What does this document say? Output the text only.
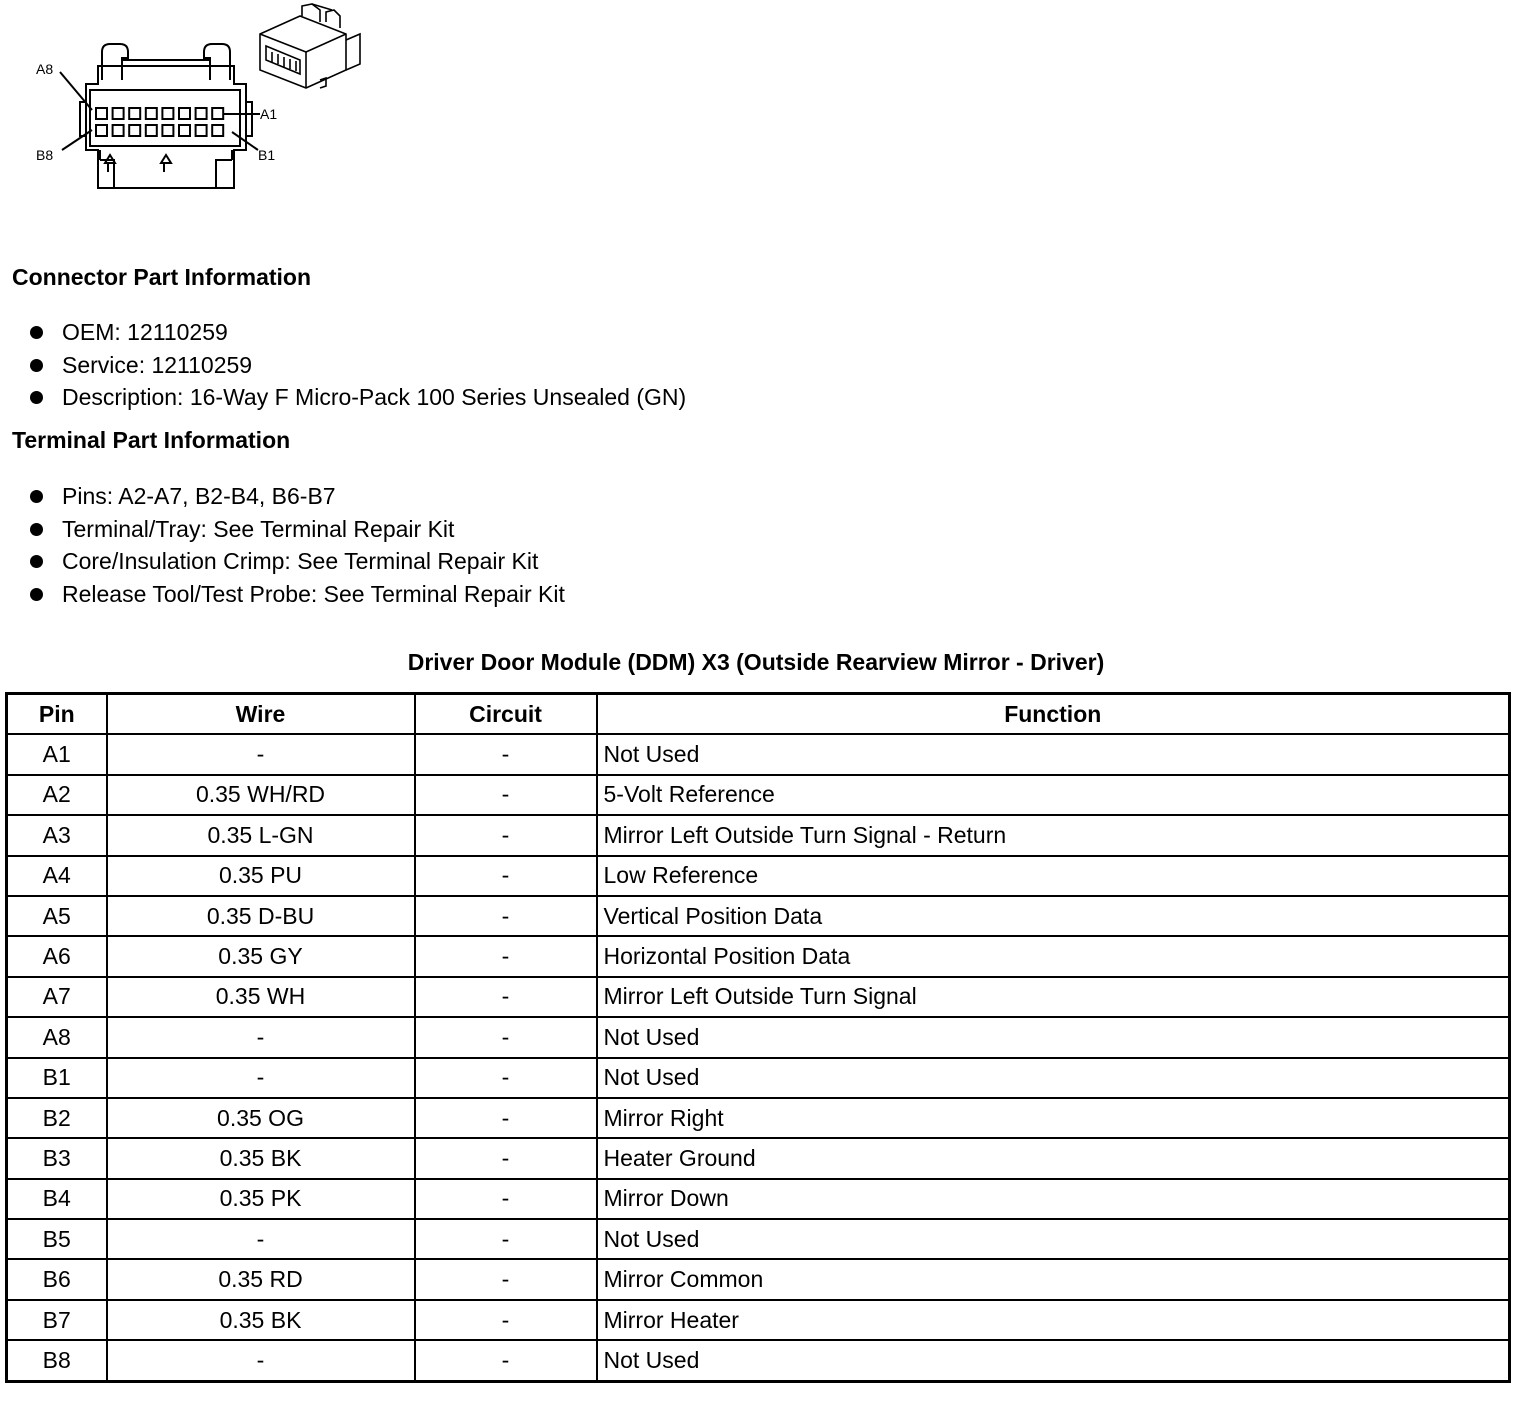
A8
A1
B8	B1
Connector Part Information
OEM: 12110259
Service: 12110259
Description: 16-Way F Micro-Pack 100 Series Unsealed (GN)
Terminal Part Information
Pins: A2-A7, B2-B4, B6-B7
Terminal/Tray: See Terminal Repair Kit
Core/Insulation Crimp: See Terminal Repair Kit
Release Tool/Test Probe: See Terminal Repair Kit
Driver Door Module (DDM) X3 (Outside Rearview Mirror - Driver)
Pin	Wire	Circuit	Function
A1	-	-	Not Used
A2	0.35 WH/RD	-	5-Volt Reference
A3	0.35 L-GN	-	Mirror Left Outside Turn Signal - Return
A4	0.35 PU	-	Low Reference
A5	0.35 D-BU	-	Vertical Position Data
A6	0.35 GY	-	Horizontal Position Data
A7	0.35 WH	-	Mirror Left Outside Turn Signal
A8	-	-	Not Used
B1	-	-	Not Used
B2	0.35 OG	-	Mirror Right
B3	0.35 BK	-	Heater Ground
B4	0.35 PK	-	Mirror Down
B5	-	-	Not Used
B6	0.35 RD	-	Mirror Common
B7	0.35 BK	-	Mirror Heater
B8	-	-	Not Used
